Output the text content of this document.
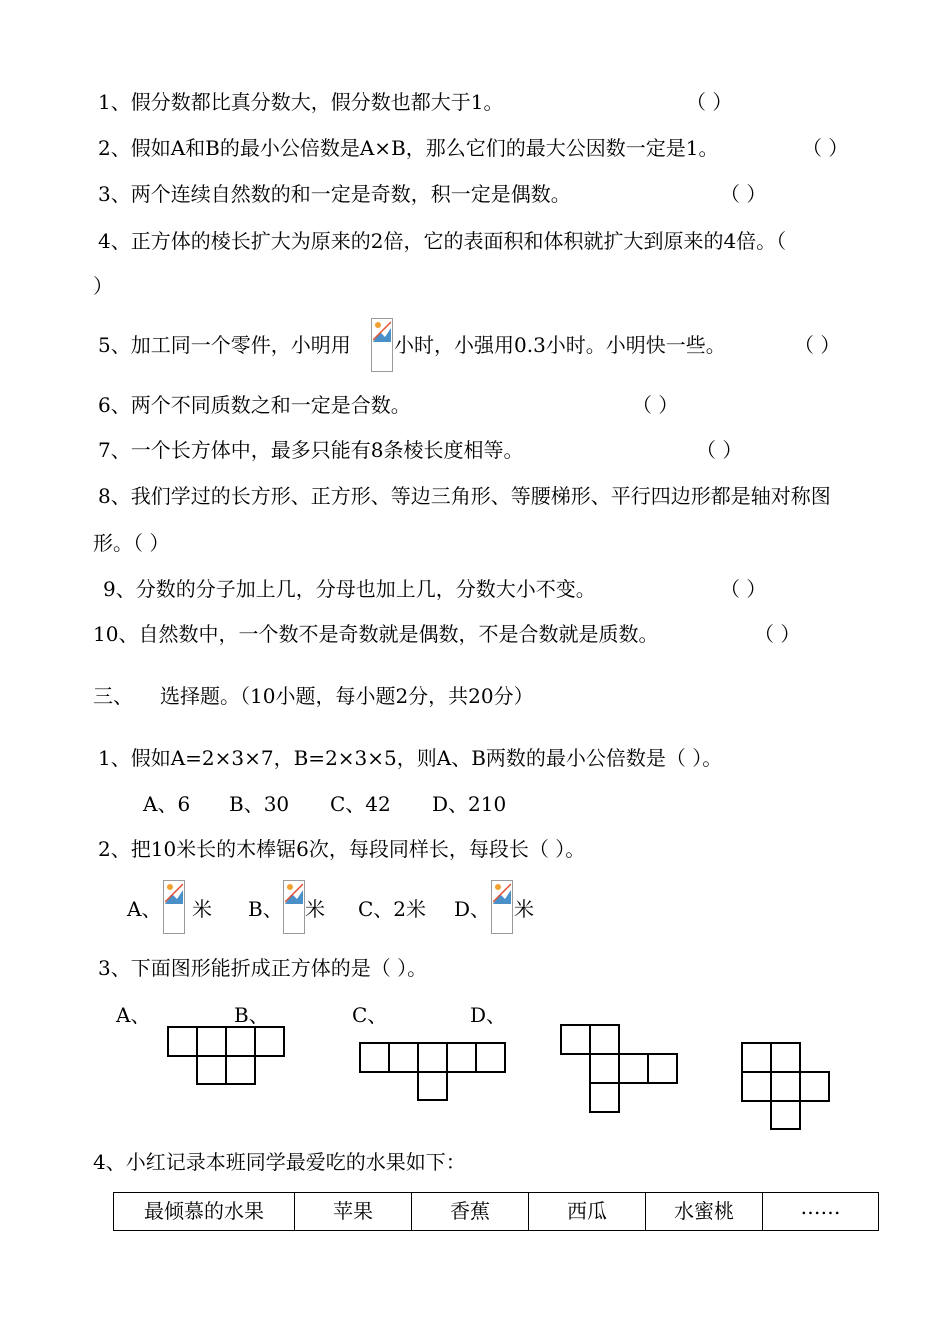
1、假分数都比真分数大，假分数也都大于1。	（ ）
2、假如A和B的最小公倍数是A×B，那么它们的最大公因数一定是1。	（ ）
3、两个连续自然数的和一定是奇数，积一定是偶数。	（ ）
4、正方体的棱长扩大为原来的2倍，它的表面积和体积就扩大到原来的4倍。（
）
5、加工同一个零件，小明用 小时，小强用0.3小时。小明快一些。	（ ）
6、两个不同质数之和一定是合数。	（ ）
7、一个长方体中，最多只能有8条棱长度相等。	（ ）
8、我们学过的长方形、正方形、等边三角形、等腰梯形、平行四边形都是轴对称图
形。（ ）
9、分数的分子加上几，分母也加上几，分数大小不变。	（ ）
10、自然数中，一个数不是奇数就是偶数，不是合数就是质数。	（ ）
三、 选择题。（10小题，每小题2分，共20分）
1、假如A=2×3×7，B=2×3×5，则A、B两数的最小公倍数是（ ）。
A、6 B、30 C、42 D、210
2、把10米长的木棒锯6次，每段同样长，每段长（ ）。
A、 米 B、 米 C、2米 D、 米
3、下面图形能折成正方体的是（ ）。
A、	B、	C、	D、
4、小红记录本班同学最爱吃的水果如下：
最倾慕的水果	苹果	香蕉	西瓜	水蜜桃	……
